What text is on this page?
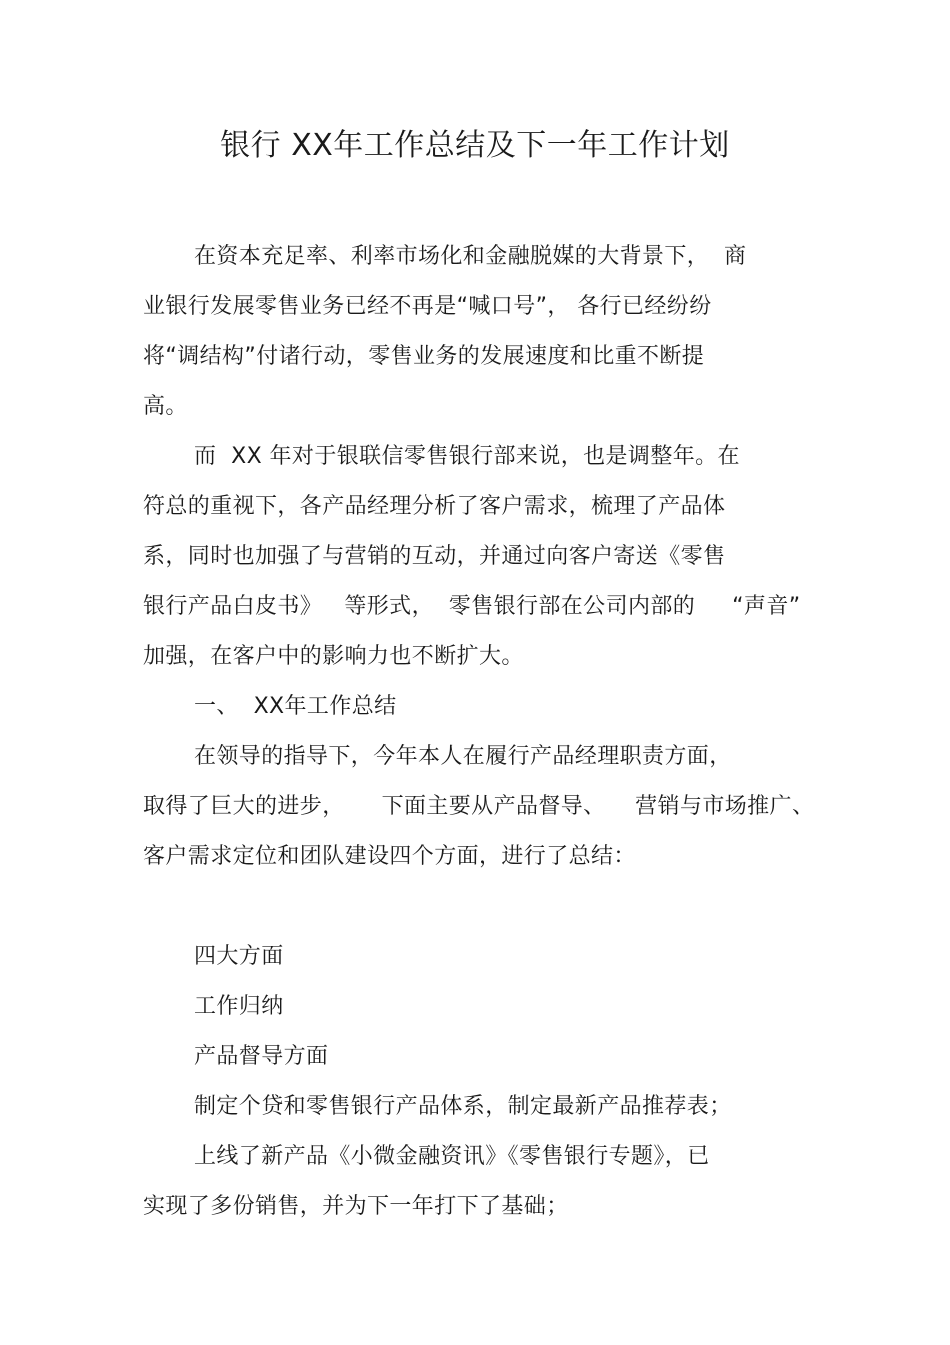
银行 XX年工作总结及下一年工作计划
在资本充足率、利率市场化和金融脱媒的大背景下，  商
业银行发展零售业务已经不再是“喊口号”， 各行已经纷纷
将“调结构”付诸行动，零售业务的发展速度和比重不断提
高。
而  XX 年对于银联信零售银行部来说，也是调整年。在
符总的重视下，各产品经理分析了客户需求，梳理了产品体
系，同时也加强了与营销的互动，并通过向客户寄送《零售
银行产品白皮书》   等形式，  零售银行部在公司内部的     “声音”
加强，在客户中的影响力也不断扩大。
一、  XX年工作总结
在领导的指导下，今年本人在履行产品经理职责方面，
取得了巨大的进步，     下面主要从产品督导、    营销与市场推广、
客户需求定位和团队建设四个方面，进行了总结：
四大方面
工作归纳
产品督导方面
制定个贷和零售银行产品体系，制定最新产品推荐表；
上线了新产品《小微金融资讯》《零售银行专题》，已
实现了多份销售，并为下一年打下了基础；
